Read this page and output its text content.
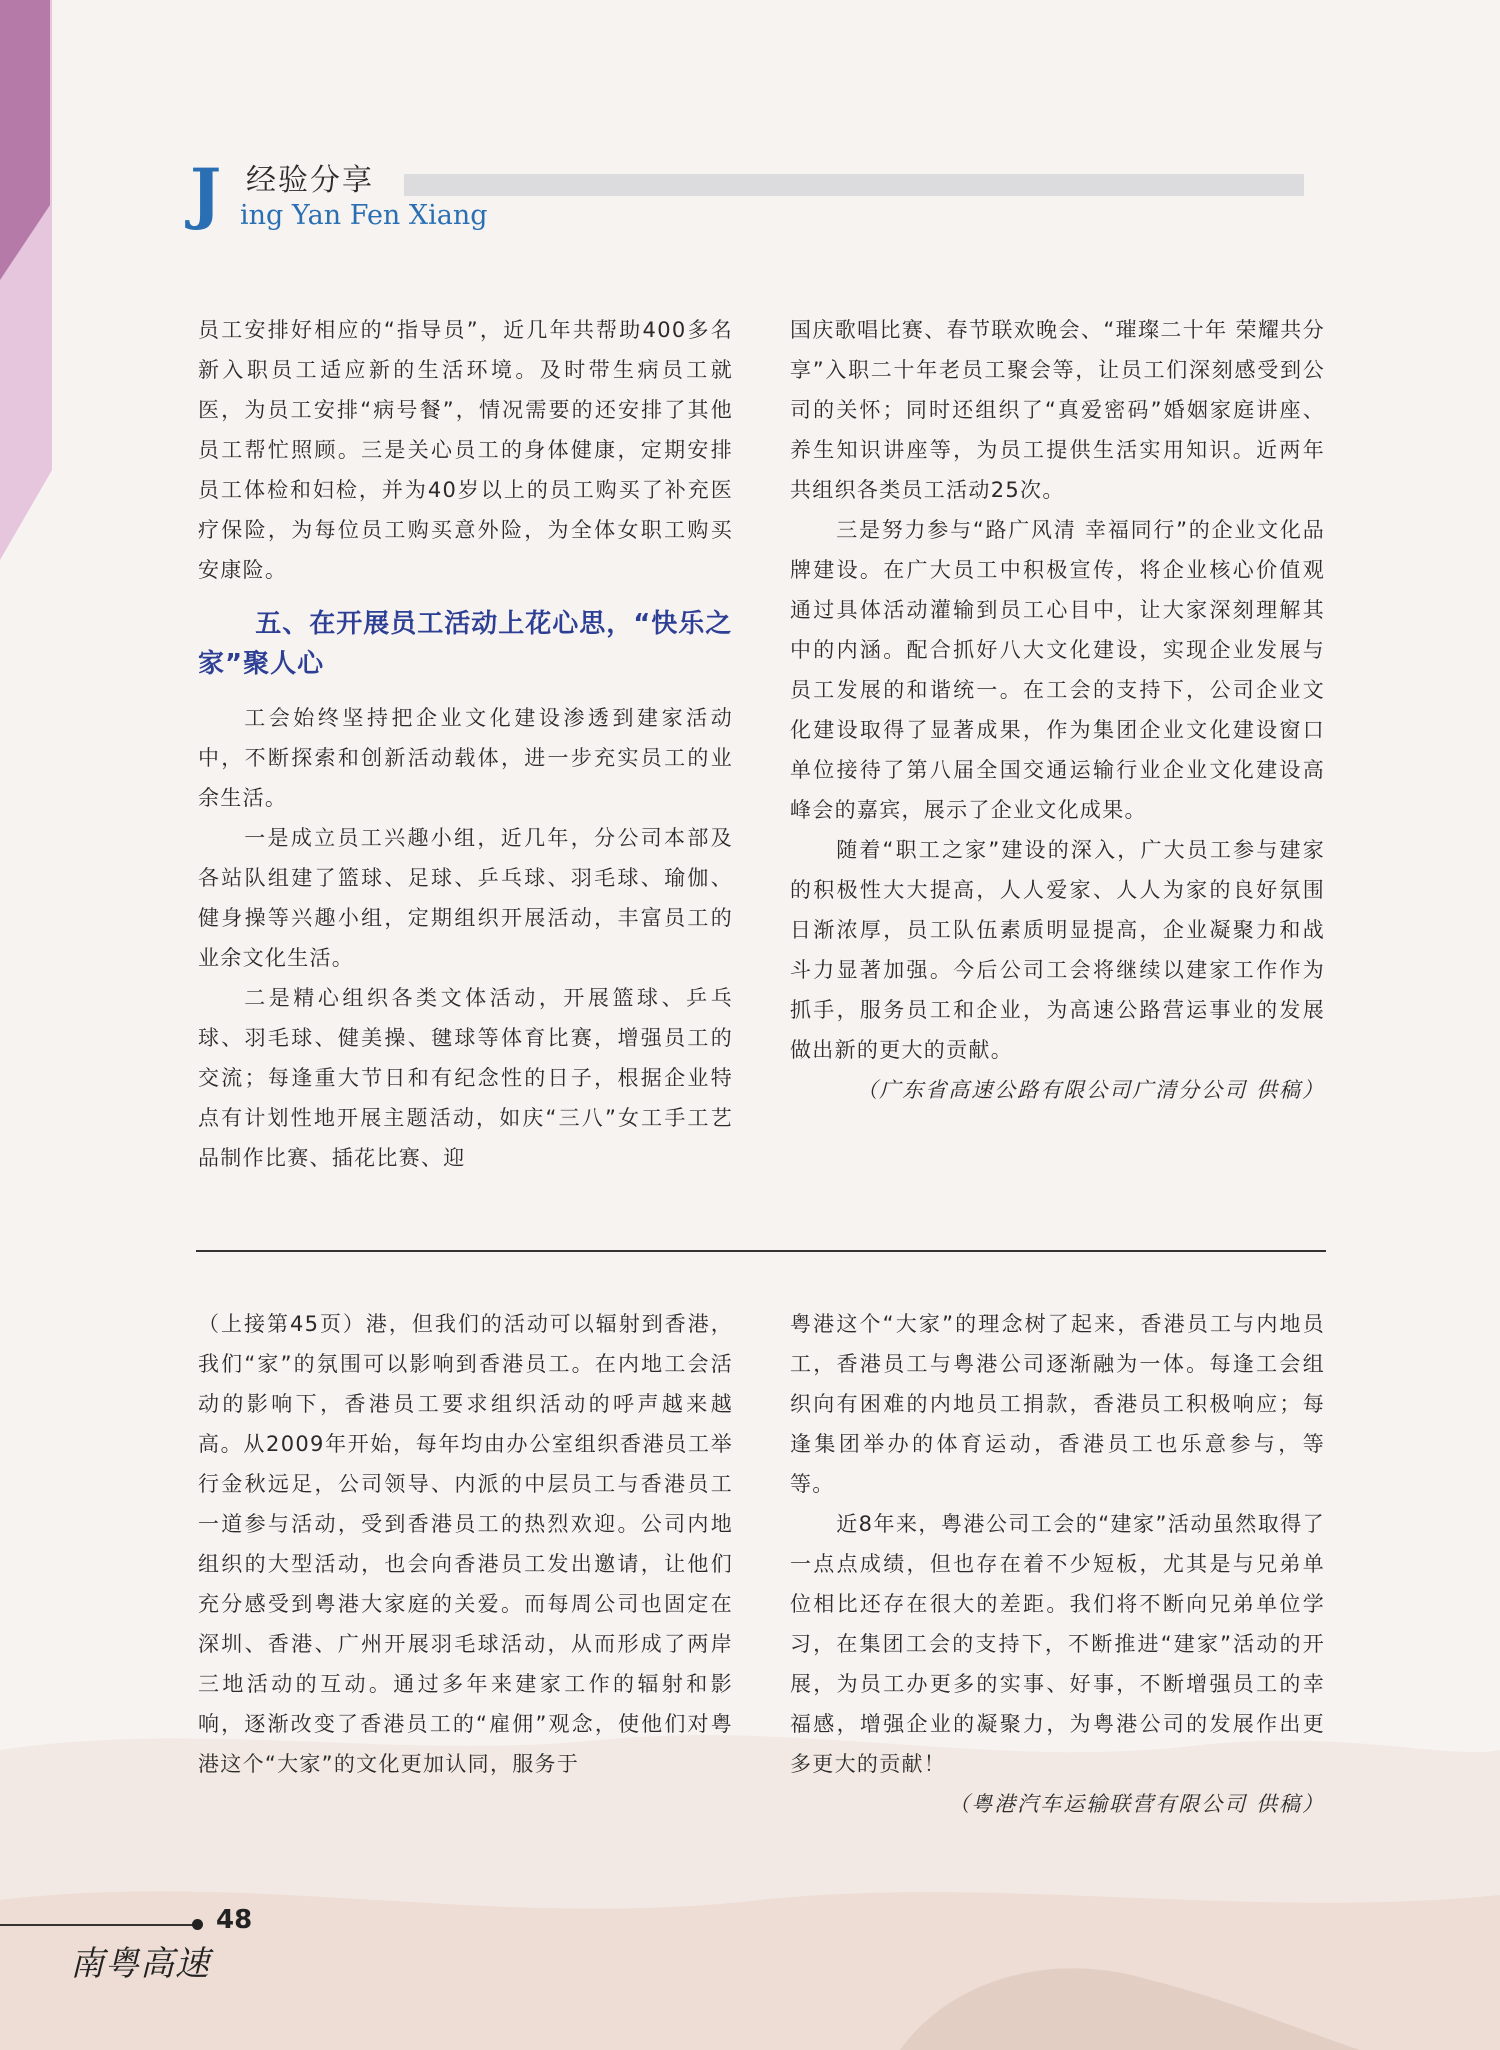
J 经验分享
ing Yan Fen Xiang

员工安排好相应的“指导员”，近几年共帮助400多名新入职员工适应新的生活环境。及时带生病员工就医，为员工安排“病号餐”，情况需要的还安排了其他员工帮忙照顾。三是关心员工的身体健康，定期安排员工体检和妇检，并为40岁以上的员工购买了补充医疗保险，为每位员工购买意外险，为全体女职工购买安康险。

五、在开展员工活动上花心思，“快乐之家”聚人心

工会始终坚持把企业文化建设渗透到建家活动中，不断探索和创新活动载体，进一步充实员工的业余生活。

一是成立员工兴趣小组，近几年，分公司本部及各站队组建了篮球、足球、乒乓球、羽毛球、瑜伽、健身操等兴趣小组，定期组织开展活动，丰富员工的业余文化生活。

二是精心组织各类文体活动，开展篮球、乒乓球、羽毛球、健美操、毽球等体育比赛，增强员工的交流；每逢重大节日和有纪念性的日子，根据企业特点有计划性地开展主题活动，如庆“三八”女工手工艺品制作比赛、插花比赛、迎

国庆歌唱比赛、春节联欢晚会、“璀璨二十年 荣耀共分享”入职二十年老员工聚会等，让员工们深刻感受到公司的关怀；同时还组织了“真爱密码”婚姻家庭讲座、养生知识讲座等，为员工提供生活实用知识。近两年共组织各类员工活动25次。

三是努力参与“路广风清 幸福同行”的企业文化品牌建设。在广大员工中积极宣传，将企业核心价值观通过具体活动灌输到员工心目中，让大家深刻理解其中的内涵。配合抓好八大文化建设，实现企业发展与员工发展的和谐统一。在工会的支持下，公司企业文化建设取得了显著成果，作为集团企业文化建设窗口单位接待了第八届全国交通运输行业企业文化建设高峰会的嘉宾，展示了企业文化成果。

随着“职工之家”建设的深入，广大员工参与建家的积极性大大提高，人人爱家、人人为家的良好氛围日渐浓厚，员工队伍素质明显提高，企业凝聚力和战斗力显著加强。今后公司工会将继续以建家工作作为抓手，服务员工和企业，为高速公路营运事业的发展做出新的更大的贡献。

（广东省高速公路有限公司广清分公司 供稿）

（上接第45页）港，但我们的活动可以辐射到香港，我们“家”的氛围可以影响到香港员工。在内地工会活动的影响下，香港员工要求组织活动的呼声越来越高。从2009年开始，每年均由办公室组织香港员工举行金秋远足，公司领导、内派的中层员工与香港员工一道参与活动，受到香港员工的热烈欢迎。公司内地组织的大型活动，也会向香港员工发出邀请，让他们充分感受到粤港大家庭的关爱。而每周公司也固定在深圳、香港、广州开展羽毛球活动，从而形成了两岸三地活动的互动。通过多年来建家工作的辐射和影响，逐渐改变了香港员工的“雇佣”观念，使他们对粤港这个“大家”的文化更加认同，服务于

粤港这个“大家”的理念树了起来，香港员工与内地员工，香港员工与粤港公司逐渐融为一体。每逢工会组织向有困难的内地员工捐款，香港员工积极响应；每逢集团举办的体育运动，香港员工也乐意参与，等等。

近8年来，粤港公司工会的“建家”活动虽然取得了一点点成绩，但也存在着不少短板，尤其是与兄弟单位相比还存在很大的差距。我们将不断向兄弟单位学习，在集团工会的支持下，不断推进“建家”活动的开展，为员工办更多的实事、好事，不断增强员工的幸福感，增强企业的凝聚力，为粤港公司的发展作出更多更大的贡献！

（粤港汽车运输联营有限公司 供稿）

48
南粤高速
